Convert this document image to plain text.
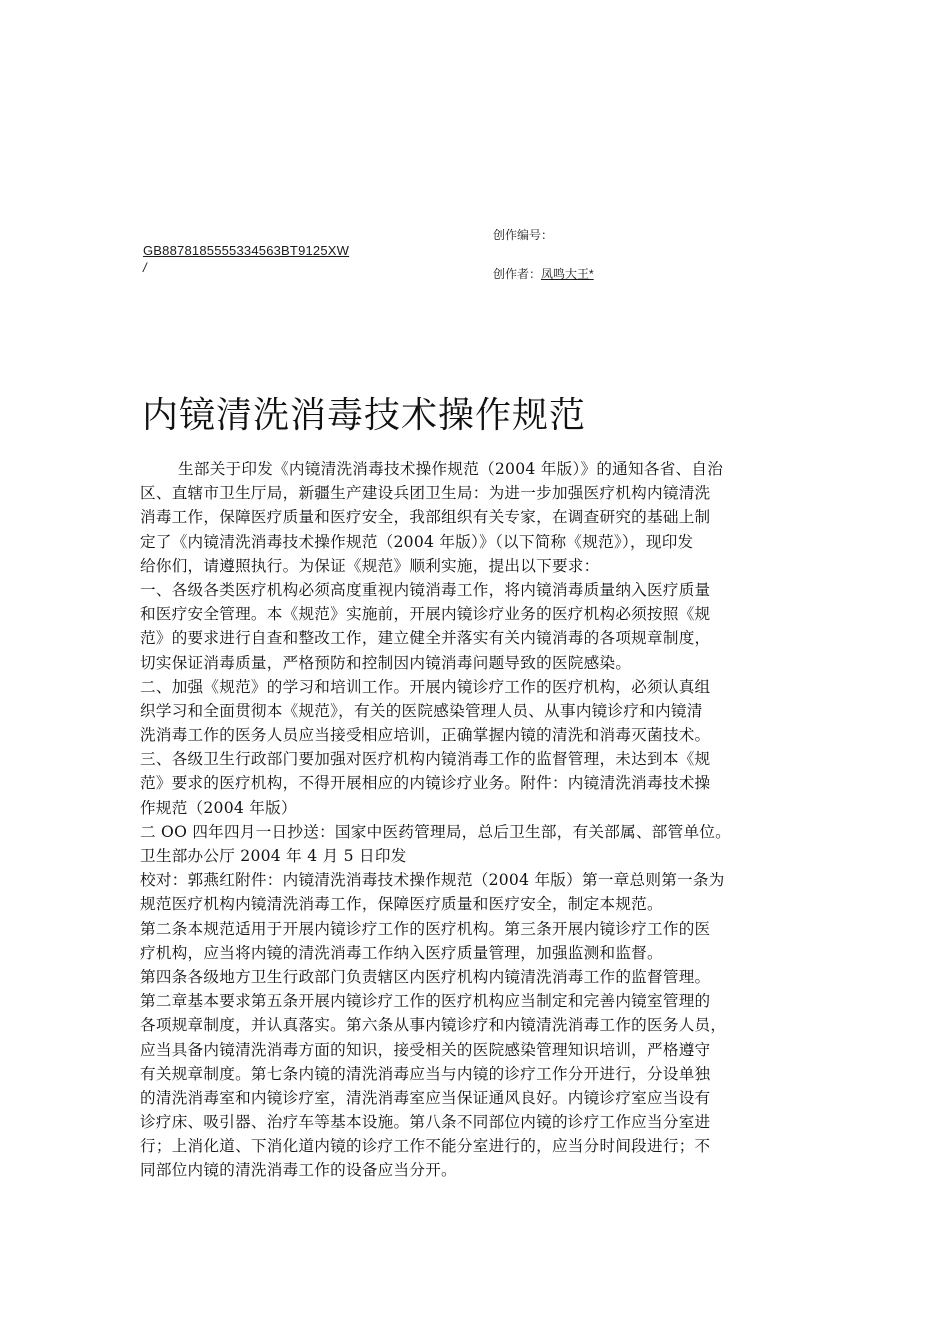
GB8878185555334563BT9125XW
/
创作编号：
创作者：凤鸣大王*
内镜清洗消毒技术操作规范
生部关于印发《内镜清洗消毒技术操作规范（2004 年版）》的通知各省、自治
区、直辖市卫生厅局，新疆生产建设兵团卫生局：为进一步加强医疗机构内镜清洗
消毒工作，保障医疗质量和医疗安全，我部组织有关专家，在调查研究的基础上制
定了《内镜清洗消毒技术操作规范（2004 年版）》（以下简称《规范》），现印发
给你们，请遵照执行。为保证《规范》顺利实施，提出以下要求：
一、各级各类医疗机构必须高度重视内镜消毒工作，将内镜消毒质量纳入医疗质量
和医疗安全管理。本《规范》实施前，开展内镜诊疗业务的医疗机构必须按照《规
范》的要求进行自查和整改工作，建立健全并落实有关内镜消毒的各项规章制度，
切实保证消毒质量，严格预防和控制因内镜消毒问题导致的医院感染。
二、加强《规范》的学习和培训工作。开展内镜诊疗工作的医疗机构，必须认真组
织学习和全面贯彻本《规范》，有关的医院感染管理人员、从事内镜诊疗和内镜清
洗消毒工作的医务人员应当接受相应培训，正确掌握内镜的清洗和消毒灭菌技术。
三、各级卫生行政部门要加强对医疗机构内镜消毒工作的监督管理，未达到本《规
范》要求的医疗机构，不得开展相应的内镜诊疗业务。附件：内镜清洗消毒技术操
作规范（2004 年版）
二 OO 四年四月一日抄送：国家中医药管理局，总后卫生部，有关部属、部管单位。
卫生部办公厅 2004 年 4 月 5 日印发
校对：郭燕红附件：内镜清洗消毒技术操作规范（2004 年版）第一章总则第一条为
规范医疗机构内镜清洗消毒工作，保障医疗质量和医疗安全，制定本规范。
第二条本规范适用于开展内镜诊疗工作的医疗机构。第三条开展内镜诊疗工作的医
疗机构，应当将内镜的清洗消毒工作纳入医疗质量管理，加强监测和监督。
第四条各级地方卫生行政部门负责辖区内医疗机构内镜清洗消毒工作的监督管理。
第二章基本要求第五条开展内镜诊疗工作的医疗机构应当制定和完善内镜室管理的
各项规章制度，并认真落实。第六条从事内镜诊疗和内镜清洗消毒工作的医务人员，
应当具备内镜清洗消毒方面的知识，接受相关的医院感染管理知识培训，严格遵守
有关规章制度。第七条内镜的清洗消毒应当与内镜的诊疗工作分开进行，分设单独
的清洗消毒室和内镜诊疗室，清洗消毒室应当保证通风良好。内镜诊疗室应当设有
诊疗床、吸引器、治疗车等基本设施。第八条不同部位内镜的诊疗工作应当分室进
行；上消化道、下消化道内镜的诊疗工作不能分室进行的，应当分时间段进行；不
同部位内镜的清洗消毒工作的设备应当分开。
